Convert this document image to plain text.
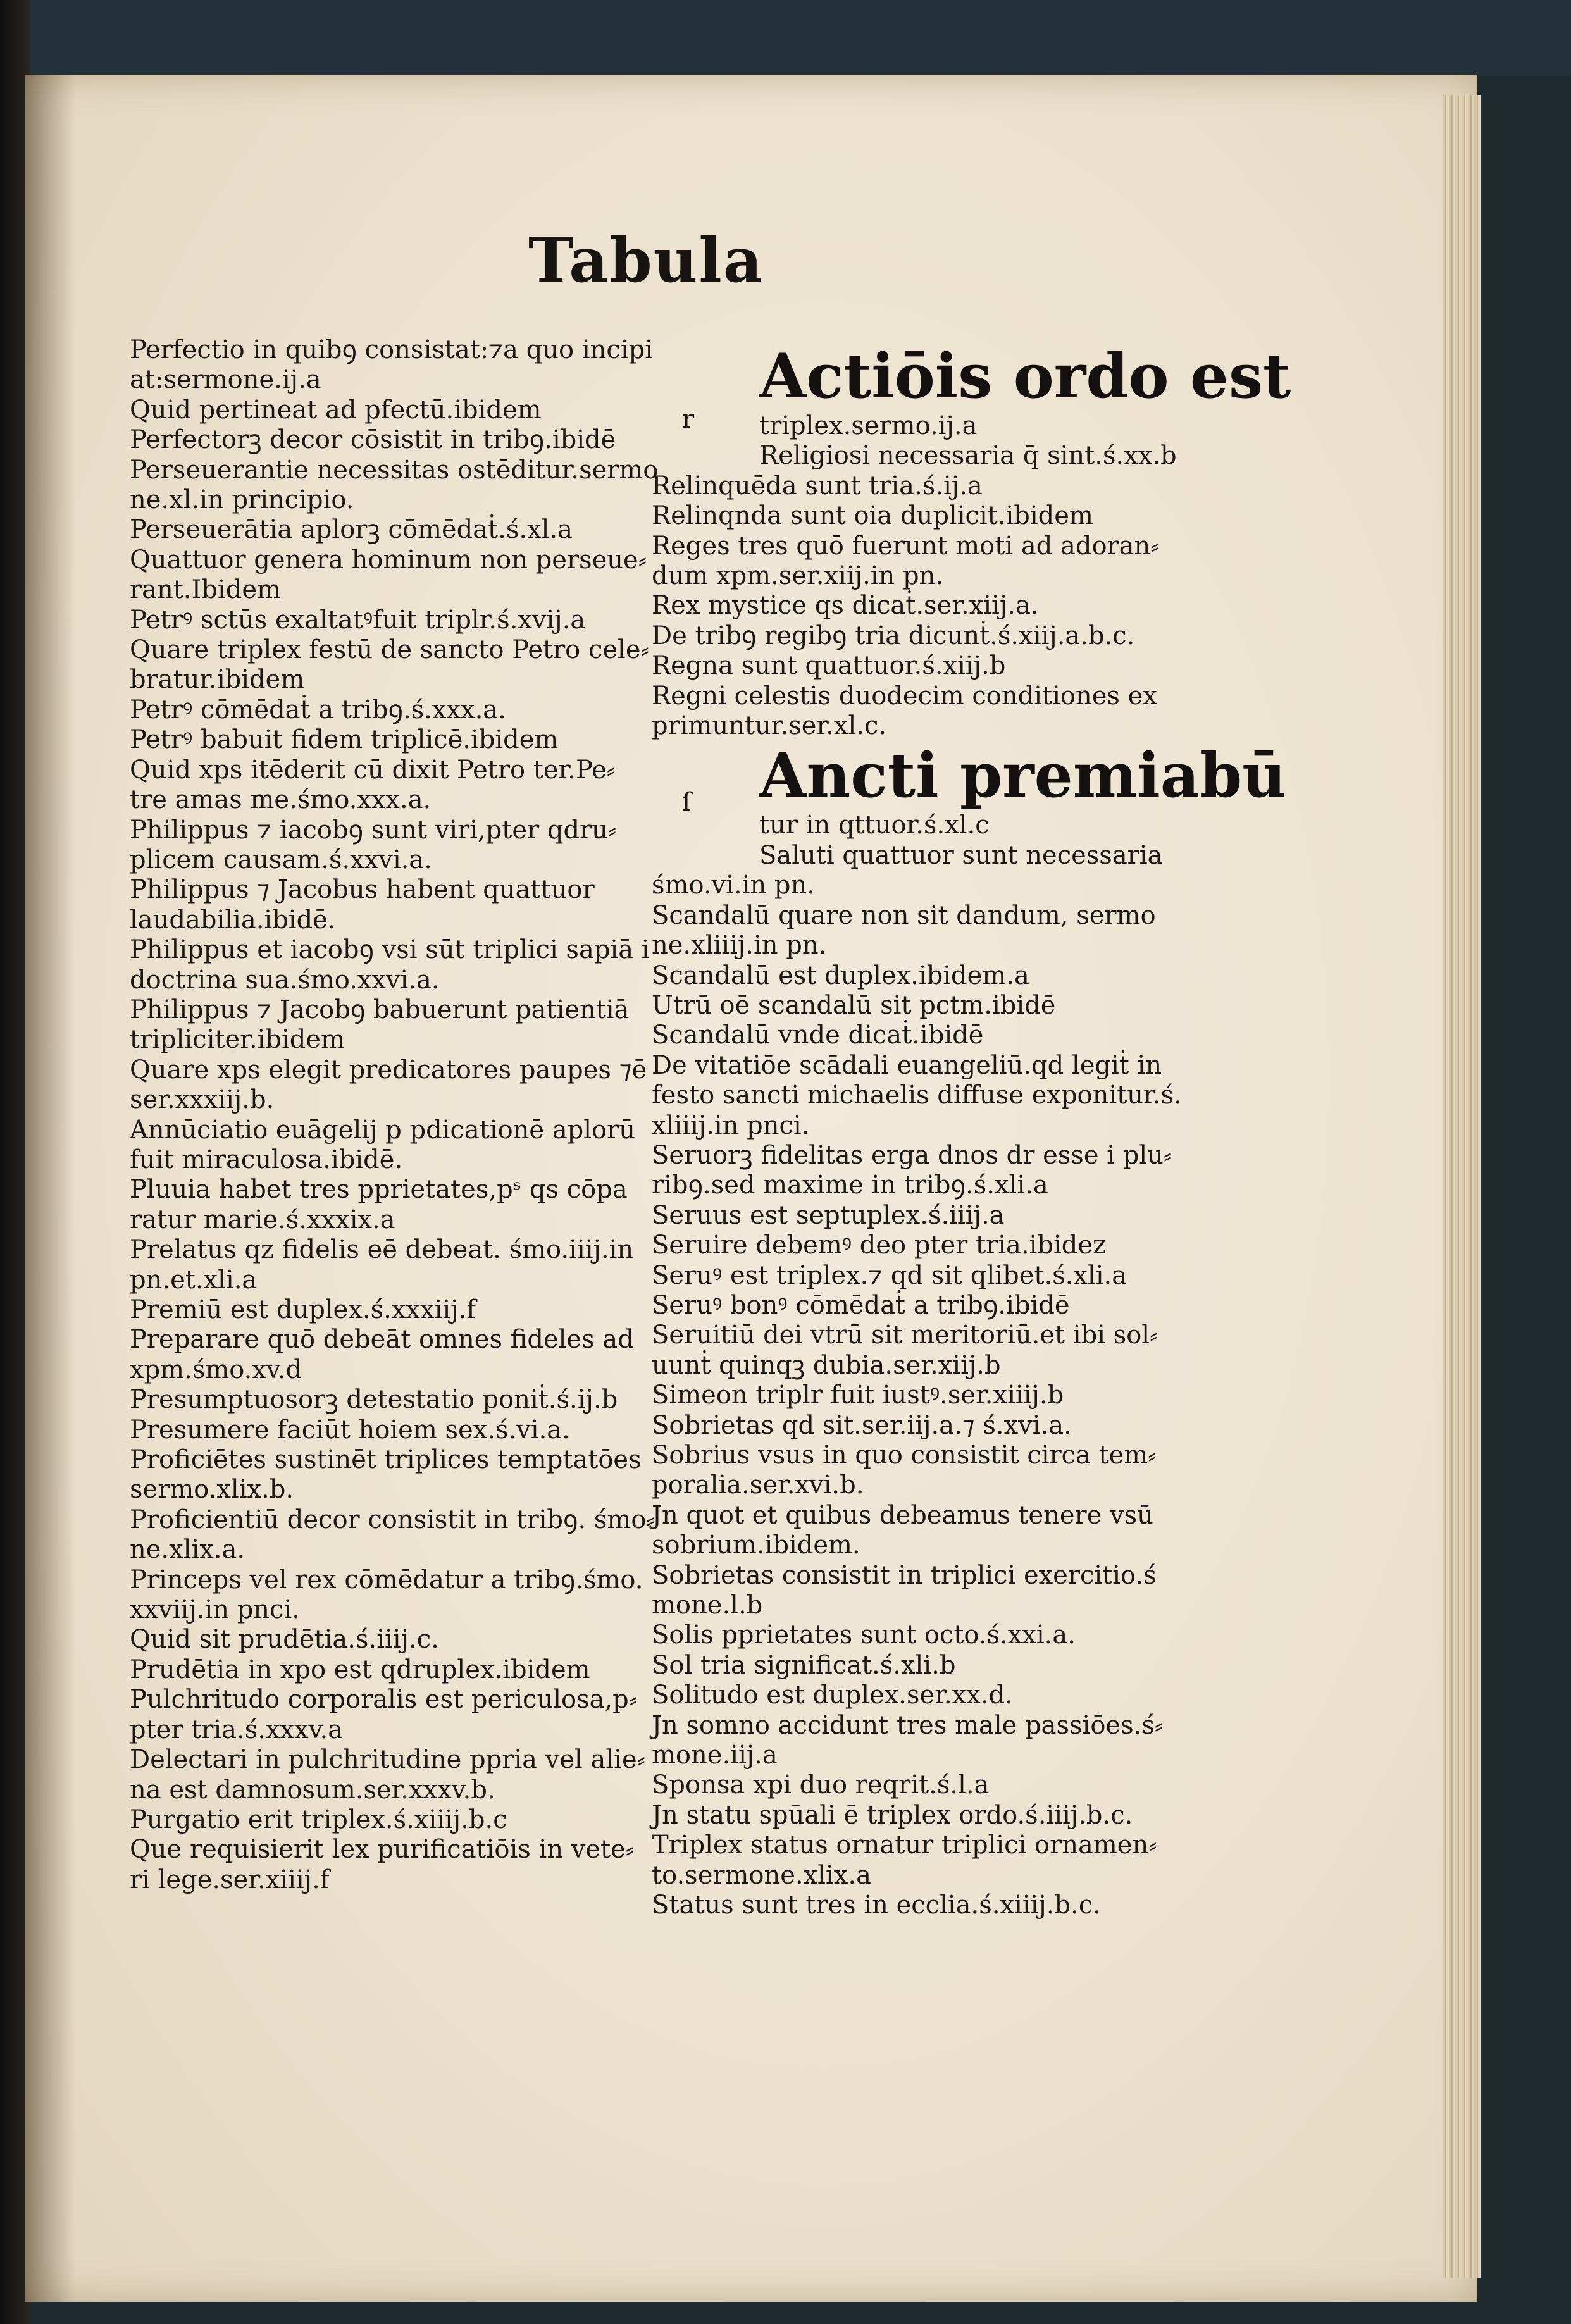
Tabula
Perfectio in quibꝯ consistat:⁊a quo incipi
at:sermone.ij.a
Quid pertineat ad pfectū.ibidem
Perfectorꝫ decor cōsistit in tribꝯ.ibidē
Perseuerantie necessitas ostēditur.sermo
ne.xl.in principio.
Perseuerātia aplorꝫ cōmēdaṫ.ś.xl.a
Quattuor genera hominum non perseue⸗
rant.Ibidem
Petrꝰ sctūs exaltatꝰfuit triplr.ś.xvij.a
Quare triplex festū de sancto Petro cele⸗
bratur.ibidem
Petrꝰ cōmēdaṫ a tribꝯ.ś.xxx.a.
Petrꝰ babuit fidem triplicē.ibidem
Quid xps itēderit cū dixit Petro ter.Pe⸗
tre amas me.śmo.xxx.a.
Philippus ⁊ iacobꝯ sunt viri,pter qdru⸗
plicem causam.ś.xxvi.a.
Philippus ⁊ Jacobus habent quattuor
laudabilia.ibidē.
Philippus et iacobꝯ vsi sūt triplici sapiā i
doctrina sua.śmo.xxvi.a.
Philippus ⁊ Jacobꝯ babuerunt patientiā
tripliciter.ibidem
Quare xps elegit predicatores paupes ⁊ē
ser.xxxiij.b.
Annūciatio euāgelij p pdicationē aplorū
fuit miraculosa.ibidē.
Pluuia habet tres pprietates,pˢ qs cōpa
ratur marie.ś.xxxix.a
Prelatus qz fidelis eē debeat. śmo.iiij.in
pn.et.xli.a
Premiū est duplex.ś.xxxiij.f
Preparare quō debeāt omnes fideles ad
xpm.śmo.xv.d
Presumptuosorꝫ detestatio poniṫ.ś.ij.b
Presumere faciūt hoiem sex.ś.vi.a.
Proficiētes sustinēt triplices temptatōes
sermo.xlix.b.
Proficientiū decor consistit in tribꝯ. śmo⸗
ne.xlix.a.
Princeps vel rex cōmēdatur a tribꝯ.śmo.
xxviij.in pnci.
Quid sit prudētia.ś.iiij.c.
Prudētia in xpo est qdruplex.ibidem
Pulchritudo corporalis est periculosa,p⸗
pter tria.ś.xxxv.a
Delectari in pulchritudine ppria vel alie⸗
na est damnosum.ser.xxxv.b.
Purgatio erit triplex.ś.xiiij.b.c
Que requisierit lex purificatiōis in vete⸗
ri lege.ser.xiiij.f
Actiōis ordo est
triplex.sermo.ij.a
Religiosi necessaria q̄ sint.ś.xx.b
Relinquēda sunt tria.ś.ij.a
Relinqnda sunt oia duplicit.ibidem
Reges tres quō fuerunt moti ad adoran⸗
dum xpm.ser.xiij.in pn.
Rex mystice qs dicaṫ.ser.xiij.a.
De tribꝯ regibꝯ tria dicunṫ.ś.xiij.a.b.c.
Regna sunt quattuor.ś.xiij.b
Regni celestis duodecim conditiones ex
primuntur.ser.xl.c.
Ancti premiabū
tur in qttuor.ś.xl.c
Saluti quattuor sunt necessaria
śmo.vi.in pn.
Scandalū quare non sit dandum, sermo
ne.xliiij.in pn.
Scandalū est duplex.ibidem.a
Utrū oē scandalū sit pctm.ibidē
Scandalū vnde dicaṫ.ibidē
De vitatiōe scādali euangeliū.qd legiṫ in
festo sancti michaelis diffuse exponitur.ś.
xliiij.in pnci.
Seruorꝫ fidelitas erga dnos dr esse i plu⸗
ribꝯ.sed maxime in tribꝯ.ś.xli.a
Seruus est septuplex.ś.iiij.a
Seruire debemꝰ deo pter tria.ibidez
Seruꝰ est triplex.⁊ qd sit qlibet.ś.xli.a
Seruꝰ bonꝰ cōmēdaṫ a tribꝯ.ibidē
Seruitiū dei vtrū sit meritoriū.et ibi sol⸗
uunṫ quinqꝫ dubia.ser.xiij.b
Simeon triplr fuit iustꝰ.ser.xiiij.b
Sobrietas qd sit.ser.iij.a.⁊ ś.xvi.a.
Sobrius vsus in quo consistit circa tem⸗
poralia.ser.xvi.b.
Jn quot et quibus debeamus tenere vsū
sobrium.ibidem.
Sobrietas consistit in triplici exercitio.ś
mone.l.b
Solis pprietates sunt octo.ś.xxi.a.
Sol tria significat.ś.xli.b
Solitudo est duplex.ser.xx.d.
Jn somno accidunt tres male passiōes.ś⸗
mone.iij.a
Sponsa xpi duo reqrit.ś.l.a
Jn statu spūali ē triplex ordo.ś.iiij.b.c.
Triplex status ornatur triplici ornamen⸗
to.sermone.xlix.a
Status sunt tres in ecclia.ś.xiiij.b.c.
r
ſ
